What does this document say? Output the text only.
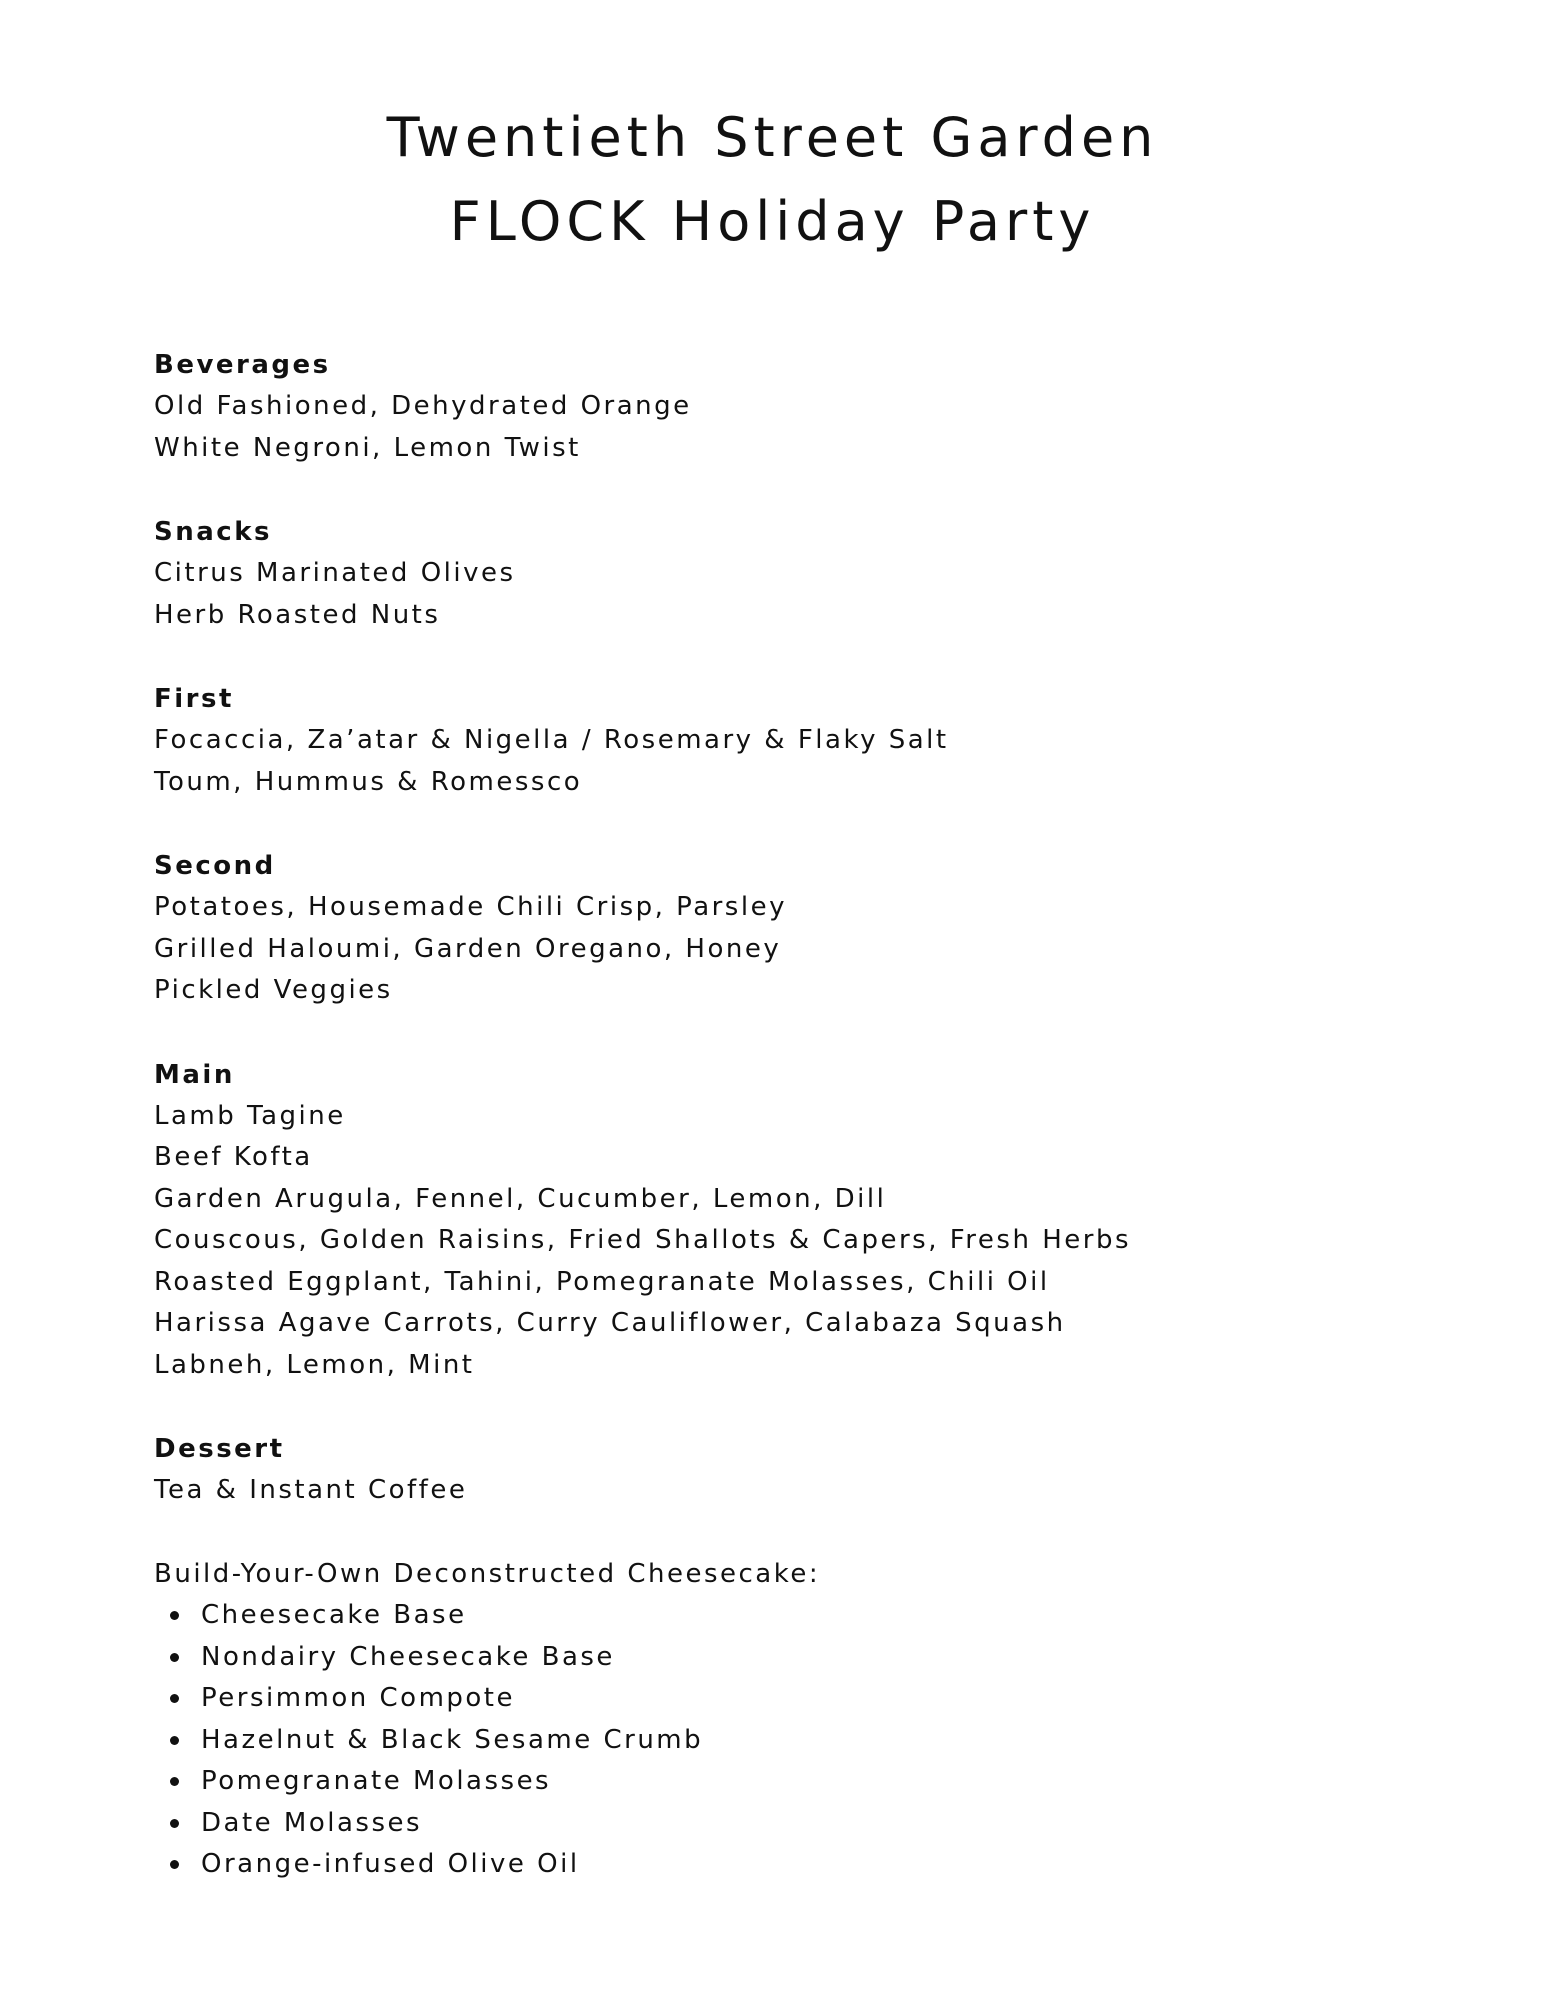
Twentieth Street Garden
FLOCK Holiday Party
Beverages
Old Fashioned, Dehydrated Orange
White Negroni, Lemon Twist
Snacks
Citrus Marinated Olives
Herb Roasted Nuts
First
Focaccia, Za’atar & Nigella / Rosemary & Flaky Salt
Toum, Hummus & Romessco
Second
Potatoes, Housemade Chili Crisp, Parsley
Grilled Haloumi, Garden Oregano, Honey
Pickled Veggies
Main
Lamb Tagine
Beef Kofta
Garden Arugula, Fennel, Cucumber, Lemon, Dill
Couscous, Golden Raisins, Fried Shallots & Capers, Fresh Herbs
Roasted Eggplant, Tahini, Pomegranate Molasses, Chili Oil
Harissa Agave Carrots, Curry Cauliflower, Calabaza Squash
Labneh, Lemon, Mint
Dessert
Tea & Instant Coffee
Build-Your-Own Deconstructed Cheesecake:
Cheesecake Base
Nondairy Cheesecake Base
Persimmon Compote
Hazelnut & Black Sesame Crumb
Pomegranate Molasses
Date Molasses
Orange-infused Olive Oil
